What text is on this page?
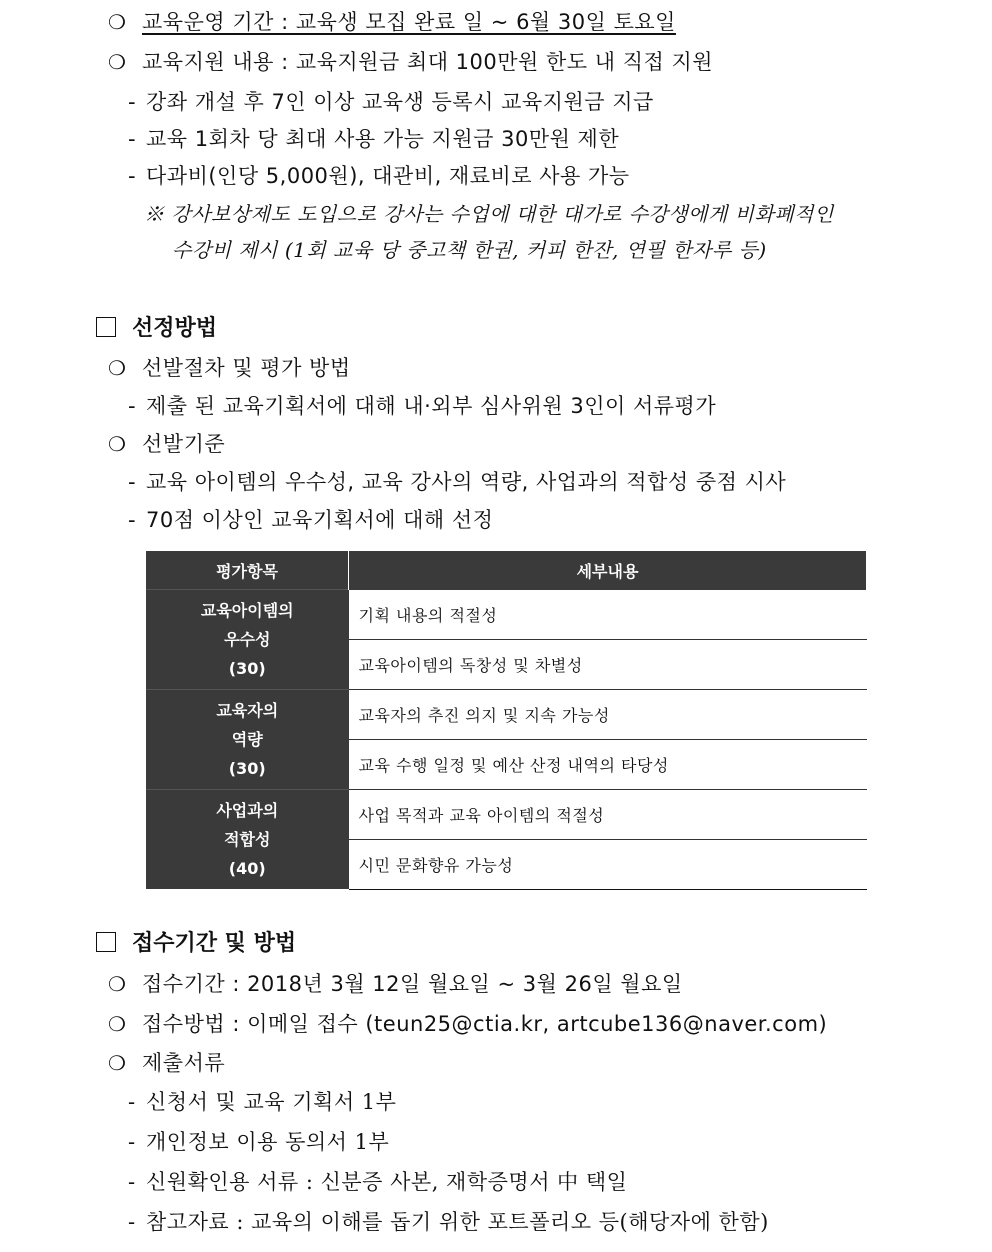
❍ 교육운영 기간 : 교육생 모집 완료 일 ~ 6월 30일 토요일
❍ 교육지원 내용 : 교육지원금 최대 100만원 한도 내 직접 지원
- 강좌 개설 후 7인 이상 교육생 등록시 교육지원금 지급
- 교육 1회차 당 최대 사용 가능 지원금 30만원 제한
- 다과비(인당 5,000원), 대관비, 재료비로 사용 가능
※ 강사보상제도 도입으로 강사는 수업에 대한 대가로 수강생에게 비화폐적인
수강비 제시 (1회 교육 당 중고책 한권, 커피 한잔, 연필 한자루 등)
선정방법
❍ 선발절차 및 평가 방법
- 제출 된 교육기획서에 대해 내·외부 심사위원 3인이 서류평가
❍ 선발기준
- 교육 아이템의 우수성, 교육 강사의 역량, 사업과의 적합성 중점 시사
- 70점 이상인 교육기획서에 대해 선정
평가항목	세부내용

교육아이템의
우수성
(30)	기획 내용의 적절성
	교육아이템의 독창성 및 차별성

교육자의
역량
(30)	교육자의 추진 의지 및 지속 가능성
	교육 수행 일정 및 예산 산정 내역의 타당성

사업과의
적합성
(40)	사업 목적과 교육 아이템의 적절성
	시민 문화향유 가능성
접수기간 및 방법
❍ 접수기간 : 2018년 3월 12일 월요일 ~ 3월 26일 월요일
❍ 접수방법 : 이메일 접수 (teun25@ctia.kr, artcube136@naver.com)
❍ 제출서류
- 신청서 및 교육 기획서 1부
- 개인정보 이용 동의서 1부
- 신원확인용 서류 : 신분증 사본, 재학증명서 中 택일
- 참고자료 : 교육의 이해를 돕기 위한 포트폴리오 등(해당자에 한함)
